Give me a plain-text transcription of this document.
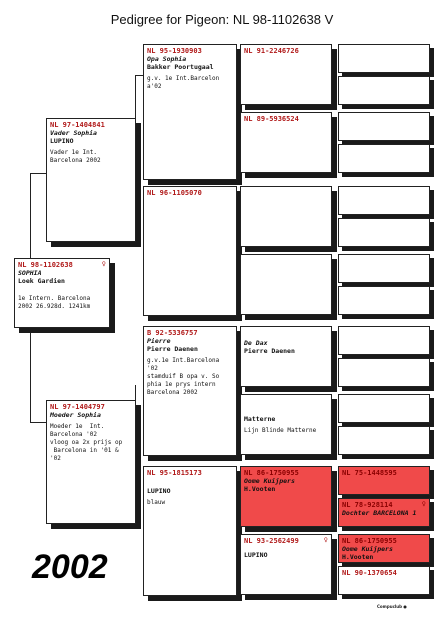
Pedigree for Pigeon: NL 98-1102638 V
NL 98-1102638	♀
SOPHIA
Loek Gardien
1e Intern. Barcelona
2002 26.928d. 1241km
NL 97-1404841
Vader Sophia
LUPINO
Vader 1e Int.
Barcelona 2002
NL 97-1404797
Moeder Sophia
Moeder 1e  Int.
Barcelona '02
vloog oa 2x prijs op
Barcelona in '01 &
'02
NL 95-1930903
Opa Sophia
Bakker Poortugaal
g.v. 1e Int.Barcelon
a'02
NL 96-1105070
B 92-5336757
Pierre
Pierre Daenen
g.v.1e Int.Barcelona
'02
stamduif B opa v. So
phia 1e prys intern
Barcelona 2002
NL 95-1815173
LUPINO
blauw
NL 91-2246726
NL 89-5936524
De Dax
Pierre Daenen
Matterne
Lijn Blinde Matterne
NL 86-1750955
Oome Kuijpers
H.Vooten
NL 93-2562499	♀
LUPINO
NL 75-1448595
NL 78-928114	♀
Dochter BARCELONA 1
NL 86-1750955
Oome Kuijpers
H.Vooten
NL 90-1370654
2002
Compuclub ●
